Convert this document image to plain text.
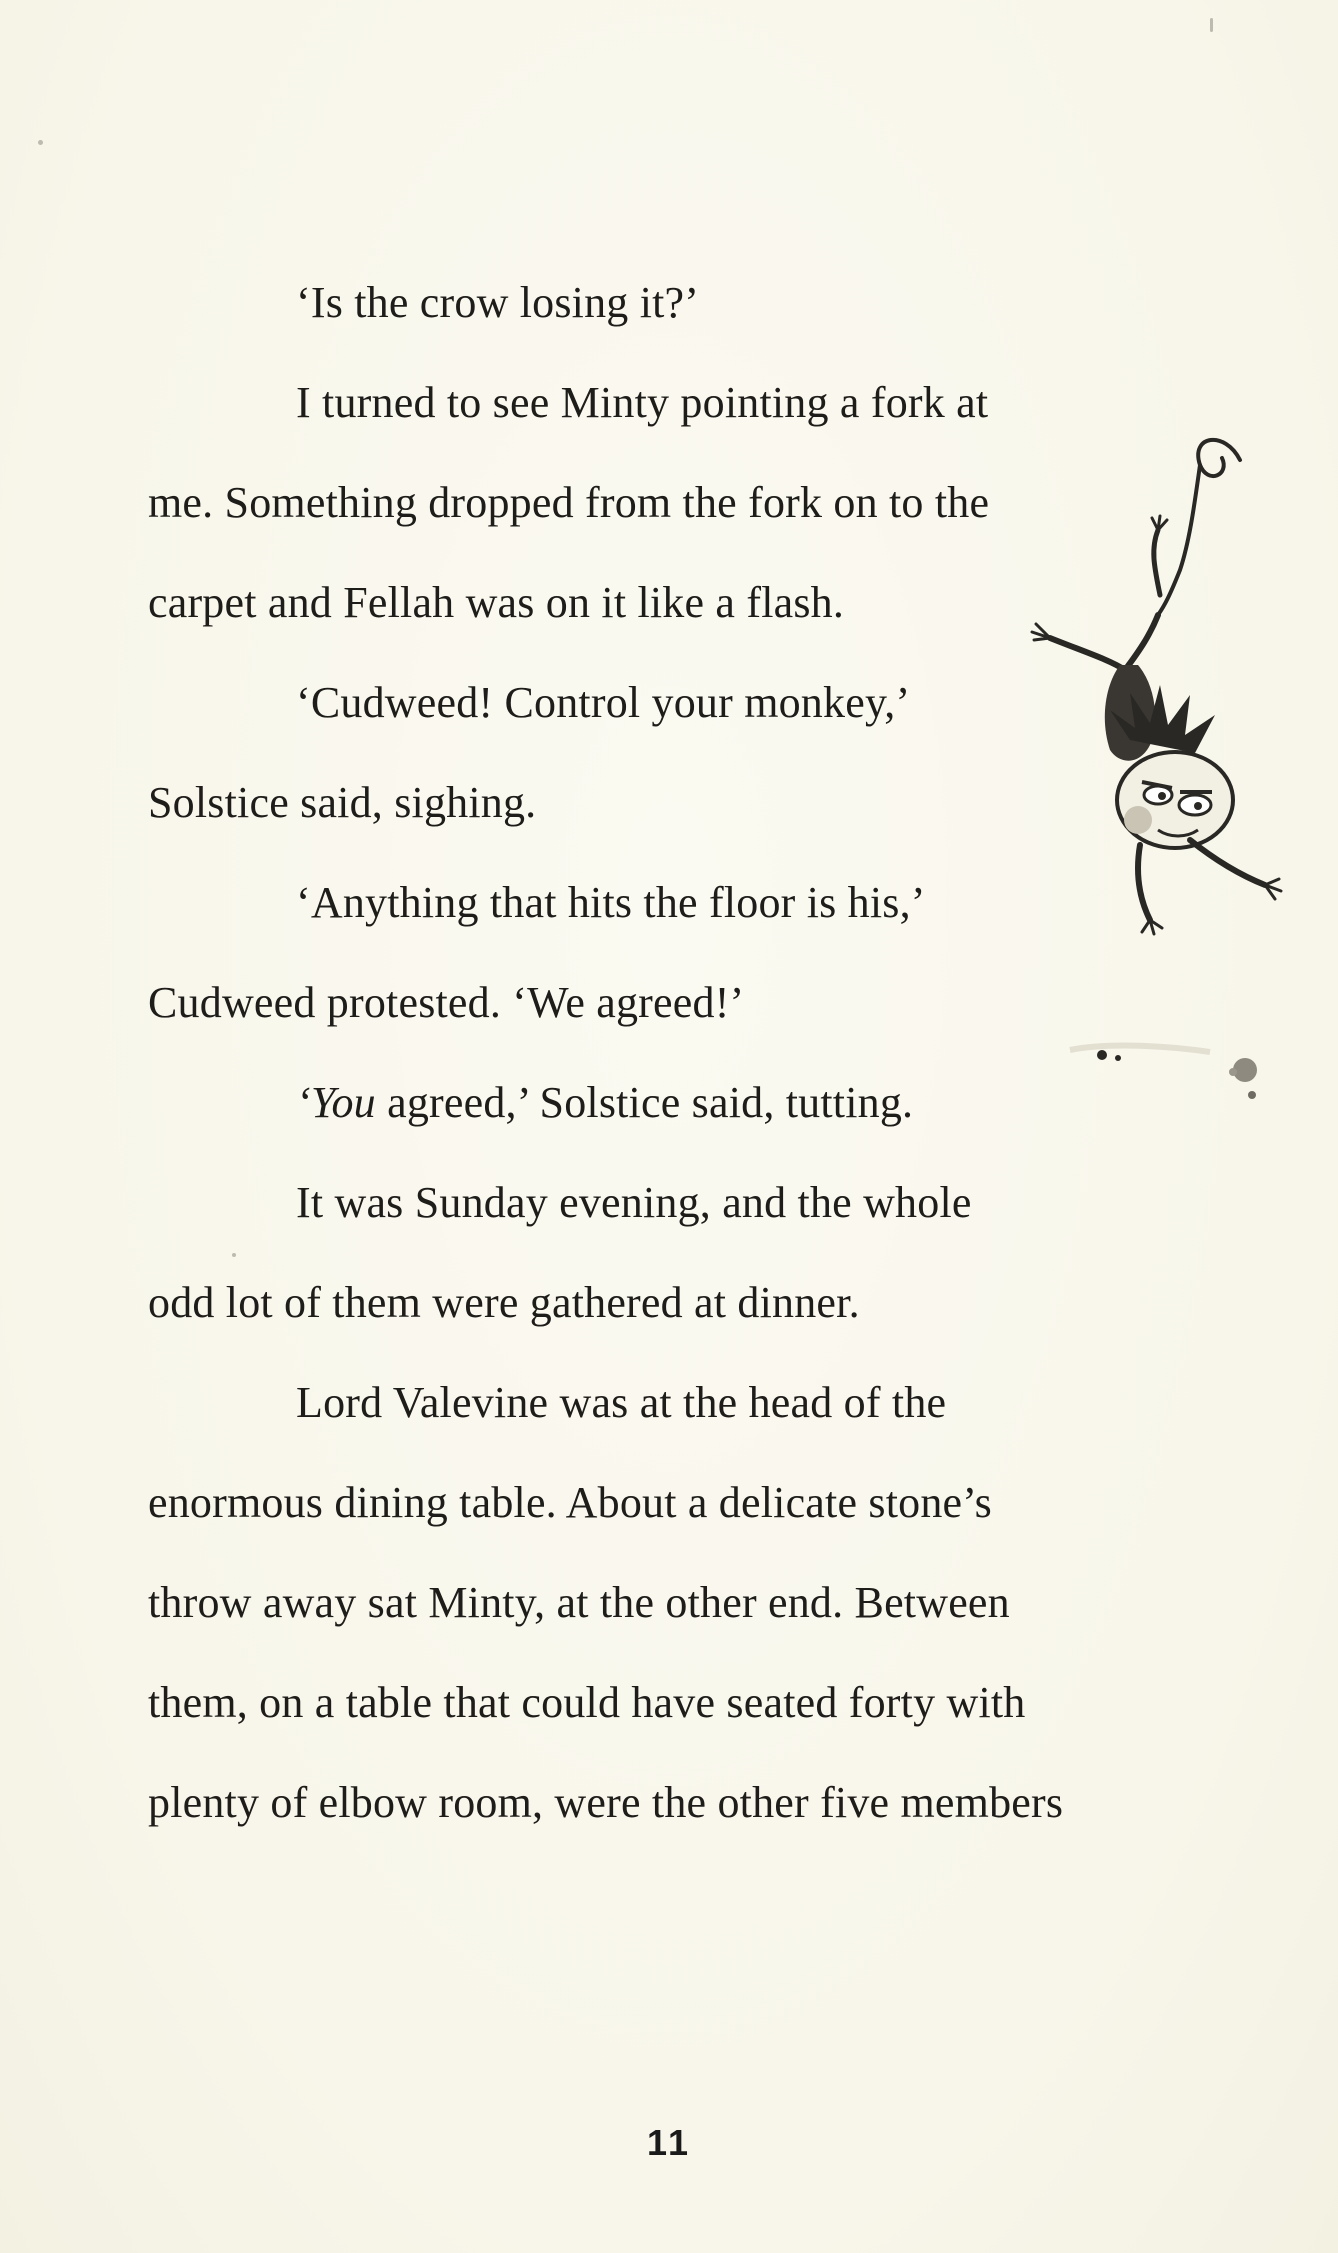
‘Is the crow losing it?’
I turned to see Minty pointing a fork at
me. Something dropped from the fork on to the
carpet and Fellah was on it like a flash.
‘Cudweed! Control your monkey,’
Solstice said, sighing.
‘Anything that hits the floor is his,’
Cudweed protested. ‘We agreed!’
‘You agreed,’ Solstice said, tutting.
It was Sunday evening, and the whole
odd lot of them were gathered at dinner.
Lord Valevine was at the head of the
enormous dining table. About a delicate stone’s
throw away sat Minty, at the other end. Between
them, on a table that could have seated forty with
plenty of elbow room, were the other five members
11
